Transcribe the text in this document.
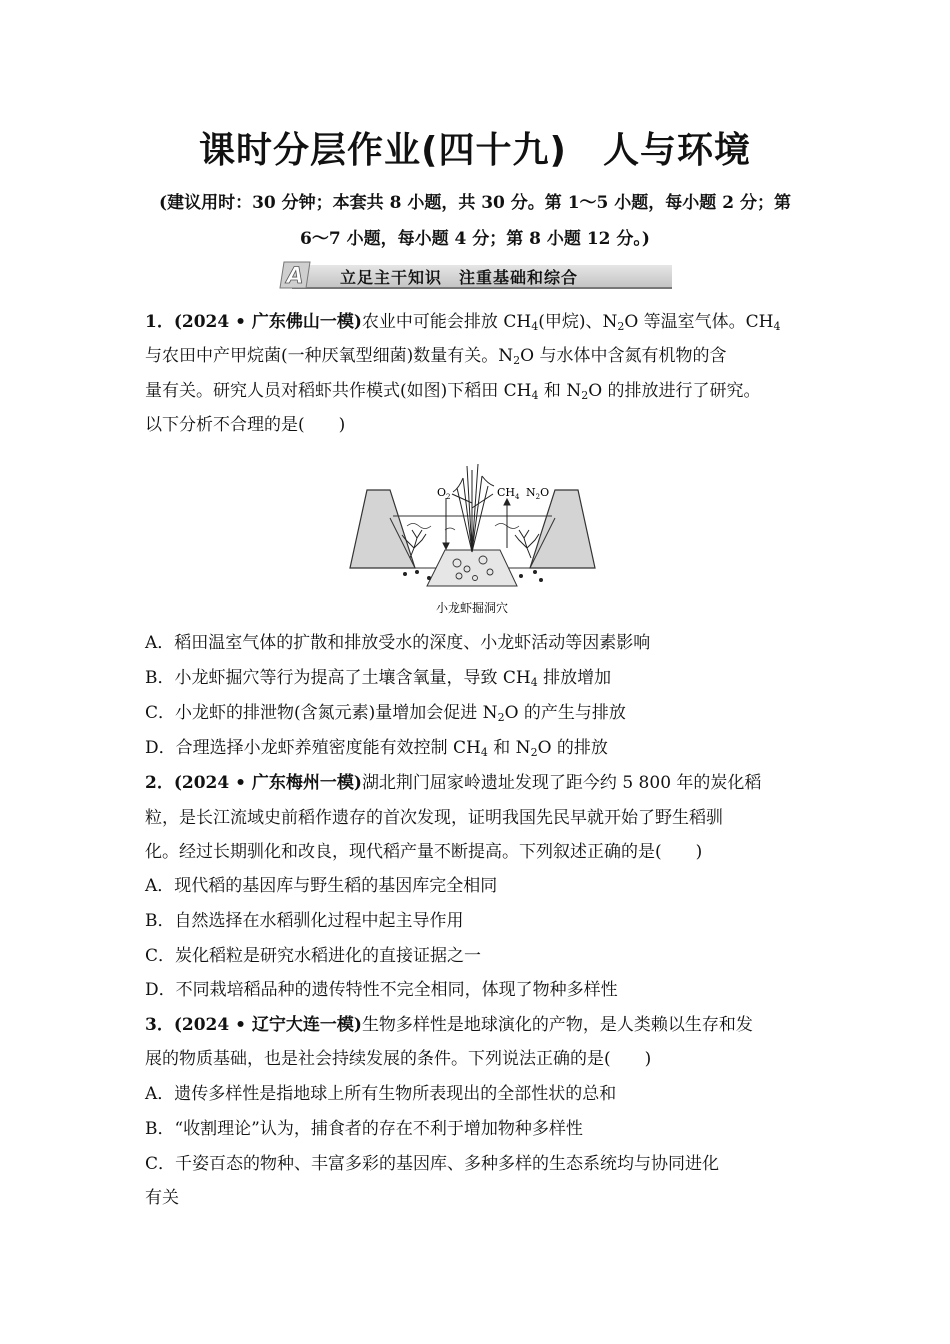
课时分层作业(四十九) 人与环境
(建议用时：30 分钟；本套共 8 小题，共 30 分。第 1～5 小题，每小题 2 分；第
6～7 小题，每小题 4 分；第 8 小题 12 分。)
A 立足主干知识　注重基础和综合
1．(2024 • 广东佛山一模)农业中可能会排放 $CH_4$(甲烷)、$N_2O$ 等温室气体。$CH_4$
与农田中产甲烷菌(一种厌氧型细菌)数量有关。$N_2O$ 与水体中含氮有机物的含
量有关。研究人员对稻虾共作模式(如图)下稻田 $CH_4$ 和 $N_2O$ 的排放进行了研究。
以下分析不合理的是(　　)
$O_2$	$CH_4$ $N_2O$
小龙虾掘洞穴
A．稻田温室气体的扩散和排放受水的深度、小龙虾活动等因素影响
B．小龙虾掘穴等行为提高了土壤含氧量，导致 $CH_4$ 排放增加
C．小龙虾的排泄物(含氮元素)量增加会促进 $N_2O$ 的产生与排放
D．合理选择小龙虾养殖密度能有效控制 $CH_4$ 和 $N_2O$ 的排放
2．(2024 • 广东梅州一模)湖北荆门屈家岭遗址发现了距今约 5 800 年的炭化稻
粒，是长江流域史前稻作遗存的首次发现，证明我国先民早就开始了野生稻驯
化。经过长期驯化和改良，现代稻产量不断提高。下列叙述正确的是(　　)
A．现代稻的基因库与野生稻的基因库完全相同
B．自然选择在水稻驯化过程中起主导作用
C．炭化稻粒是研究水稻进化的直接证据之一
D．不同栽培稻品种的遗传特性不完全相同，体现了物种多样性
3．(2024 • 辽宁大连一模)生物多样性是地球演化的产物，是人类赖以生存和发
展的物质基础，也是社会持续发展的条件。下列说法正确的是(　　)
A．遗传多样性是指地球上所有生物所表现出的全部性状的总和
B．“收割理论”认为，捕食者的存在不利于增加物种多样性
C．千姿百态的物种、丰富多彩的基因库、多种多样的生态系统均与协同进化
有关
